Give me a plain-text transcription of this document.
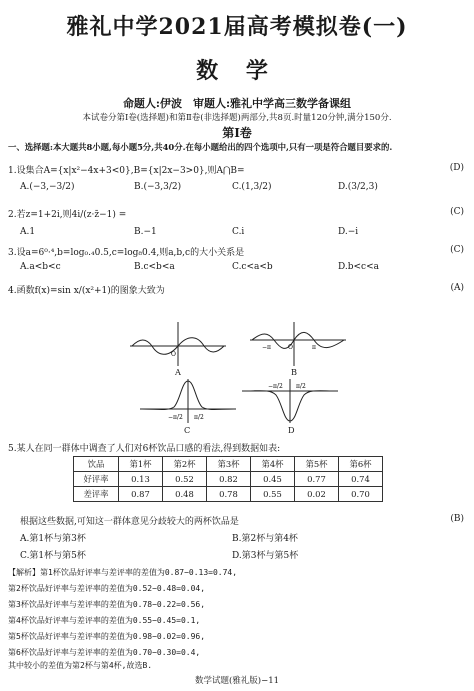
雅礼中学2021届高考模拟卷(一)
数 学
命题人:伊波　审题人:雅礼中学高三数学备课组
本试卷分第Ⅰ卷(选择题)和第Ⅱ卷(非选择题)两部分,共8页.时量120分钟,满分150分.
第Ⅰ卷
一、选择题:本大题共8小题,每小题5分,共40分.在每小题给出的四个选项中,只有一项是符合题目要求的.
1.设集合A={x|x²−4x+3<0},B={x|2x−3>0},则A⋂B=	(D)
A.(−3,−3/2)	B.(−3,3/2)	C.(1,3/2)	D.(3/2,3)
2.若z=1+2i,则4i/(z·z̄−1) =	(C)
A.1	B.−1	C.i	D.−i
3.设a=6⁰·⁴,b=log₀.₄0.5,c=log₈0.4,则a,b,c的大小关系是	(C)
A.a<b<c	B.c<b<a	C.c<a<b	D.b<c<a
4.函数f(x)=sin x/(x²+1)的图象大致为	(A)
O
A
−π	O	π
B
−π/2 π/2
C
−π/2 π/2
D
5.某人在同一群体中调查了人们对6杯饮品口感的看法,得到数据如表:
饮品	第1杯	第2杯	第3杯	第4杯	第5杯	第6杯
好评率	0.13	0.52	0.82	0.45	0.77	0.74
差评率	0.87	0.48	0.78	0.55	0.02	0.70
根据这些数据,可知这一群体意见分歧较大的两杯饮品是	(B)
A.第1杯与第3杯	B.第2杯与第4杯
C.第1杯与第5杯	D.第3杯与第5杯
【解析】第1杯饮品好评率与差评率的差值为0.87−0.13=0.74,
第2杯饮品好评率与差评率的差值为0.52−0.48=0.04,
第3杯饮品好评率与差评率的差值为0.78−0.22=0.56,
第4杯饮品好评率与差评率的差值为0.55−0.45=0.1,
第5杯饮品好评率与差评率的差值为0.98−0.02=0.96,
第6杯饮品好评率与差评率的差值为0.70−0.30=0.4,
其中较小的差值为第2杯与第4杯,故选B.
数学试题(雅礼版)−11
